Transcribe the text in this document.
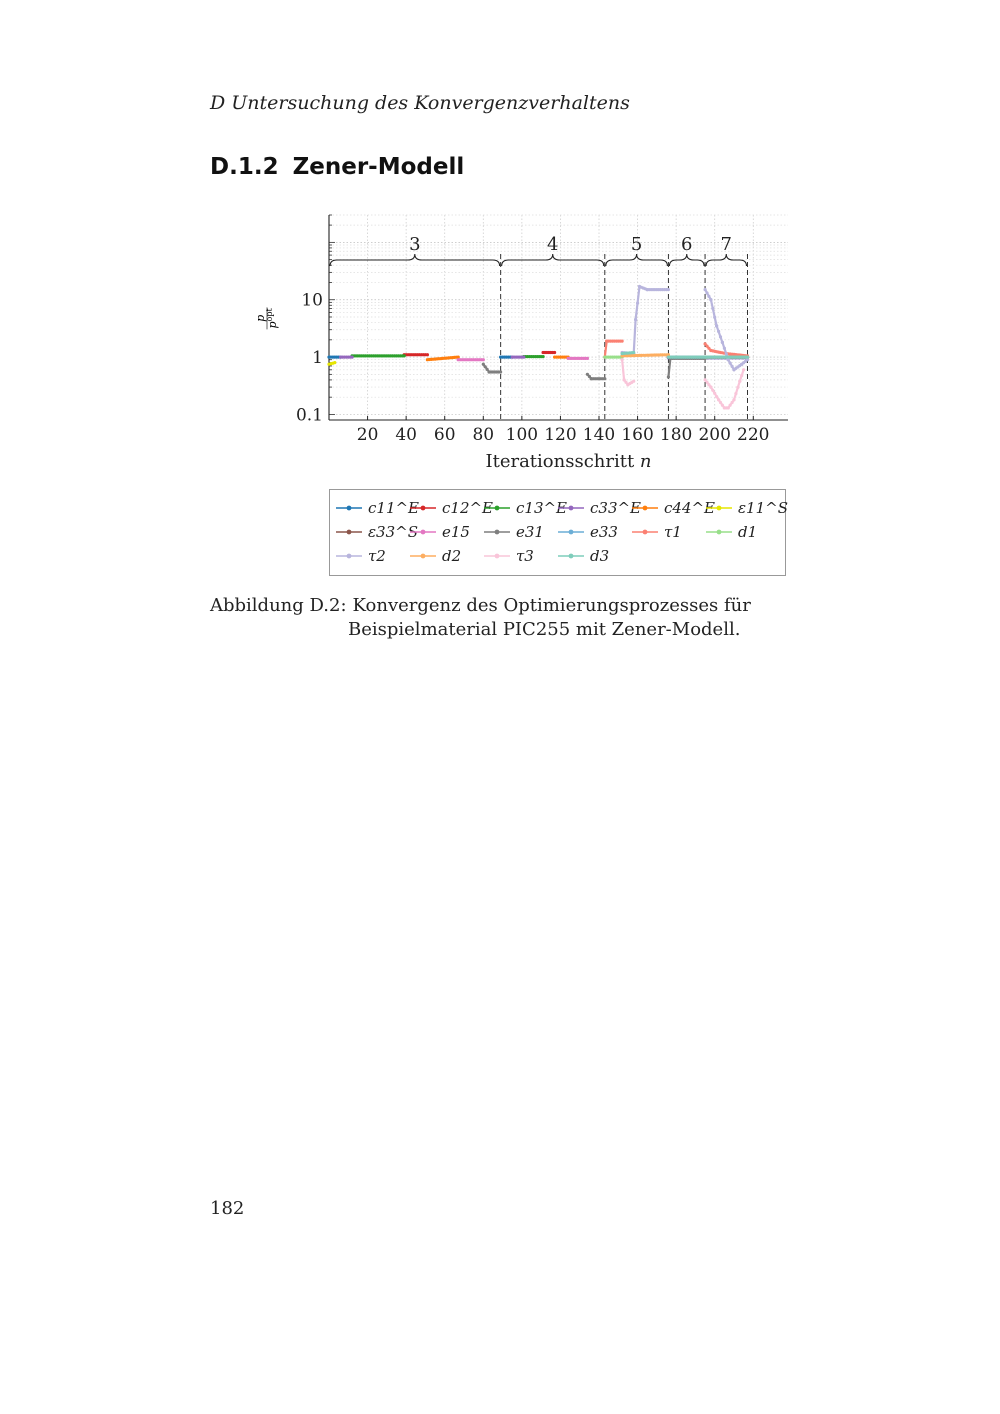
D Untersuchung des Konvergenzverhaltens
D.1.2 Zener-Modell
20 40 60 80 100 120 140 160 180 200 220
0.1
1
10
Iterationsschritt n
p
$p^{opt}$
3	4	5 6 7
c11^E c12^E c13^E c33^E c44^E ε11^S
ε33^S e15	e31	e33	τ1	d1
τ2	d2	τ3	d3
Abbildung D.2: Konvergenz des Optimierungsprozesses für Beispielmaterial PIC255 mit Zener-Modell.
182
